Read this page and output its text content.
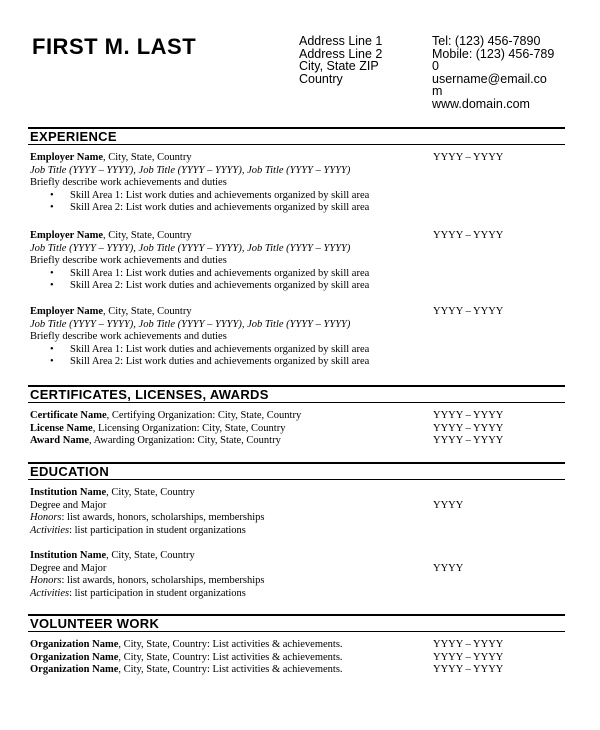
FIRST M. LAST	Address Line 1
Address Line 2
City, State ZIP
Country
Tel: (123) 456-7890
Mobile: (123) 456-7890
username@email.com
www.domain.com
EXPERIENCE
Employer Name, City, State, Country	YYYY – YYYY
Job Title (YYYY – YYYY), Job Title (YYYY – YYYY), Job Title (YYYY – YYYY)
Briefly describe work achievements and duties
• Skill Area 1: List work duties and achievements organized by skill area
• Skill Area 2: List work duties and achievements organized by skill area
Employer Name, City, State, Country	YYYY – YYYY
Job Title (YYYY – YYYY), Job Title (YYYY – YYYY), Job Title (YYYY – YYYY)
Briefly describe work achievements and duties
• Skill Area 1: List work duties and achievements organized by skill area
• Skill Area 2: List work duties and achievements organized by skill area
Employer Name, City, State, Country	YYYY – YYYY
Job Title (YYYY – YYYY), Job Title (YYYY – YYYY), Job Title (YYYY – YYYY)
Briefly describe work achievements and duties
• Skill Area 1: List work duties and achievements organized by skill area
• Skill Area 2: List work duties and achievements organized by skill area
CERTIFICATES, LICENSES, AWARDS
Certificate Name, Certifying Organization: City, State, Country	YYYY – YYYY
License Name, Licensing Organization: City, State, Country	YYYY – YYYY
Award Name, Awarding Organization: City, State, Country	YYYY – YYYY
EDUCATION
Institution Name, City, State, Country
Degree and Major	YYYY
Honors: list awards, honors, scholarships, memberships
Activities: list participation in student organizations
Institution Name, City, State, Country
Degree and Major	YYYY
Honors: list awards, honors, scholarships, memberships
Activities: list participation in student organizations
VOLUNTEER WORK
Organization Name, City, State, Country: List activities & achievements.	YYYY – YYYY
Organization Name, City, State, Country: List activities & achievements.	YYYY – YYYY
Organization Name, City, State, Country: List activities & achievements.	YYYY – YYYY
